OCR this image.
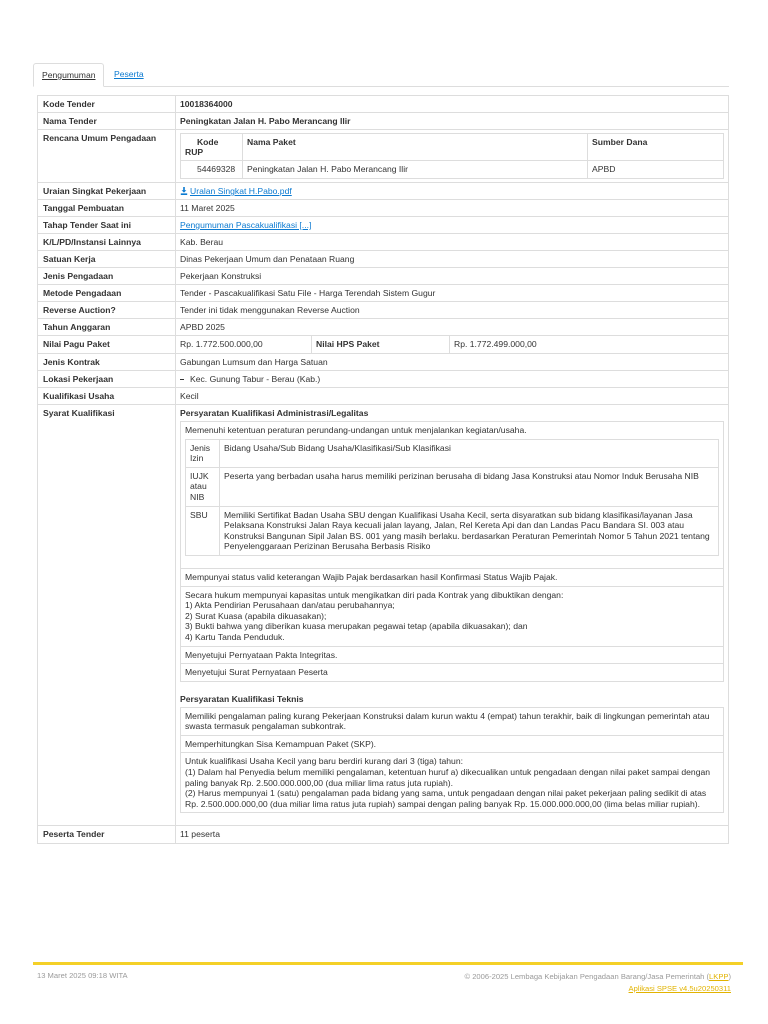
Pengumuman	Peserta
Kode Tender	10018364000
Nama Tender	Peningkatan Jalan H. Pabo Merancang Ilir
Rencana Umum Pengadaan	Kode RUP	Nama Paket	Sumber Dana
54469328	Peningkatan Jalan H. Pabo Merancang Ilir	APBD
Uraian Singkat Pekerjaan	Uralan Singkat H.Pabo.pdf
Tanggal Pembuatan	11 Maret 2025
Tahap Tender Saat ini	Pengumuman Pascakualifikasi [...]
K/L/PD/Instansi Lainnya	Kab. Berau
Satuan Kerja	Dinas Pekerjaan Umum dan Penataan Ruang
Jenis Pengadaan	Pekerjaan Konstruksi
Metode Pengadaan	Tender - Pascakualifikasi Satu File - Harga Terendah Sistem Gugur
Reverse Auction?	Tender ini tidak menggunakan Reverse Auction
Tahun Anggaran	APBD 2025
Nilai Pagu Paket	Rp. 1.772.500.000,00	Nilai HPS Paket	Rp. 1.772.499.000,00
Jenis Kontrak	Gabungan Lumsum dan Harga Satuan
Lokasi Pekerjaan	Kec. Gunung Tabur - Berau (Kab.)
Kualifikasi Usaha	Kecil
Syarat Kualifikasi	Persyaratan Kualifikasi Administrasi/Legalitas
Memenuhi ketentuan peraturan perundang-undangan untuk menjalankan kegiatan/usaha.
Jenis Izin	Bidang Usaha/Sub Bidang Usaha/Klasifikasi/Sub Klasifikasi
IUJK atau NIB	Peserta yang berbadan usaha harus memiliki perizinan berusaha di bidang Jasa Konstruksi atau Nomor Induk Berusaha NIB
SBU	Memiliki Sertifikat Badan Usaha SBU dengan Kualifikasi Usaha Kecil, serta disyaratkan sub bidang klasifikasi/layanan Jasa Pelaksana Konstruksi Jalan Raya kecuali jalan layang, Jalan, Rel Kereta Api dan dan Landas Pacu Bandara SI. 003 atau Konstruksi Bangunan Sipil Jalan BS. 001 yang masih berlaku. berdasarkan Peraturan Pemerintah Nomor 5 Tahun 2021 tentang Penyelenggaraan Perizinan Berusaha Berbasis Risiko
Mempunyai status valid keterangan Wajib Pajak berdasarkan hasil Konfirmasi Status Wajib Pajak.
Secara hukum mempunyai kapasitas untuk mengikatkan diri pada Kontrak yang dibuktikan dengan:
1) Akta Pendirian Perusahaan dan/atau perubahannya;
2) Surat Kuasa (apabila dikuasakan);
3) Bukti bahwa yang diberikan kuasa merupakan pegawai tetap (apabila dikuasakan); dan
4) Kartu Tanda Penduduk.
Menyetujui Pernyataan Pakta Integritas.
Menyetujui Surat Pernyataan Peserta
Persyaratan Kualifikasi Teknis
Memiliki pengalaman paling kurang Pekerjaan Konstruksi dalam kurun waktu 4 (empat) tahun terakhir, baik di lingkungan pemerintah atau swasta termasuk pengalaman subkontrak.
Memperhitungkan Sisa Kemampuan Paket (SKP).
Untuk kualifikasi Usaha Kecil yang baru berdiri kurang dari 3 (tiga) tahun:
(1) Dalam hal Penyedia belum memiliki pengalaman, ketentuan huruf a) dikecualikan untuk pengadaan dengan nilai paket sampai dengan paling banyak Rp. 2.500.000.000,00 (dua miliar lima ratus juta rupiah).
(2) Harus mempunyai 1 (satu) pengalaman pada bidang yang sama, untuk pengadaan dengan nilai paket pekerjaan paling sedikit di atas Rp. 2.500.000.000,00 (dua miliar lima ratus juta rupiah) sampai dengan paling banyak Rp. 15.000.000.000,00 (lima belas miliar rupiah).
Peserta Tender	11 peserta
13 Maret 2025 09:18 WITA	© 2006-2025 Lembaga Kebijakan Pengadaan Barang/Jasa Pemerintah (LKPP)
Aplikasi SPSE v4.5u20250311
